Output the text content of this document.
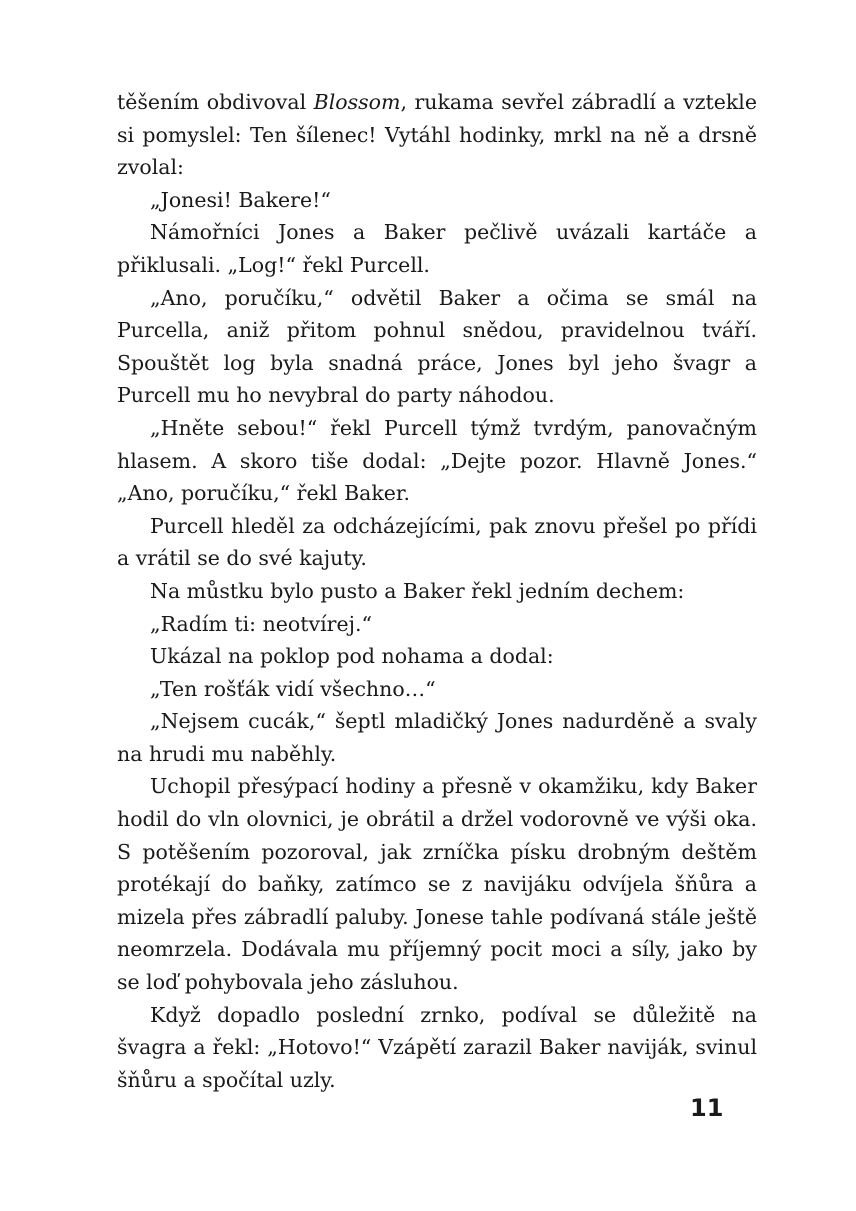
těšením obdivoval Blossom, rukama sevřel zábradlí a vztekle si pomyslel: Ten šílenec! Vytáhl hodinky, mrkl na ně a drsně zvolal:

„Jonesi! Bakere!“

Námořníci Jones a Baker pečlivě uvázali kartáče a přiklusali. „Log!“ řekl Purcell.

„Ano, poručíku,“ odvětil Baker a očima se smál na Purcella, aniž přitom pohnul snědou, pravidelnou tváří. Spouštět log byla snadná práce, Jones byl jeho švagr a Purcell mu ho nevybral do party náhodou.

„Hněte sebou!“ řekl Purcell týmž tvrdým, panovačným hlasem. A skoro tiše dodal: „Dejte pozor. Hlavně Jones.“ „Ano, poručíku,“ řekl Baker.

Purcell hleděl za odcházejícími, pak znovu přešel po přídi a vrátil se do své kajuty.

Na můstku bylo pusto a Baker řekl jedním dechem:

„Radím ti: neotvírej.“

Ukázal na poklop pod nohama a dodal:

„Ten rošťák vidí všechno…“

„Nejsem cucák,“ šeptl mladičký Jones nadurděně a svaly na hrudi mu naběhly.

Uchopil přesýpací hodiny a přesně v okamžiku, kdy Baker hodil do vln olovnici, je obrátil a držel vodorovně ve výši oka. S potěšením pozoroval, jak zrníčka písku drobným deštěm protékají do baňky, zatímco se z navijáku odvíjela šňůra a mizela přes zábradlí paluby. Jonese tahle podívaná stále ještě neomrzela. Dodávala mu příjemný pocit moci a síly, jako by se loď pohybovala jeho zásluhou.

Když dopadlo poslední zrnko, podíval se důležitě na švagra a řekl: „Hotovo!“ Vzápětí zarazil Baker naviják, svinul šňůru a spočítal uzly.

11
